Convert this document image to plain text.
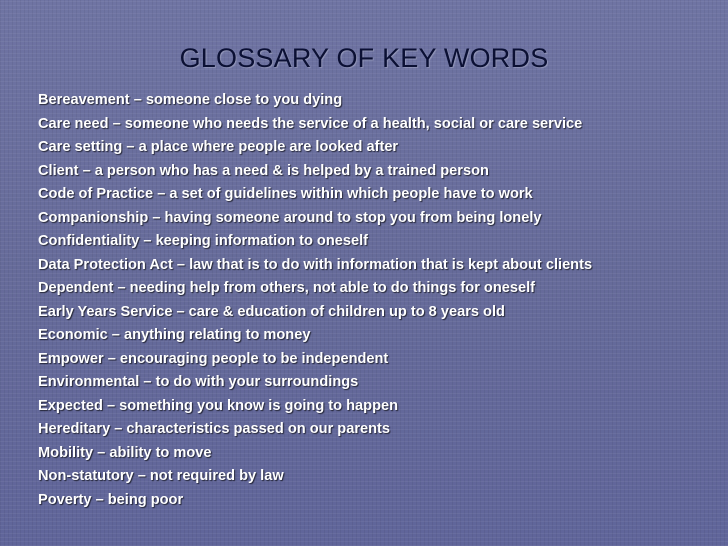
GLOSSARY OF KEY WORDS
Bereavement – someone close to you dying
Care need – someone who needs the service of a health, social or care service
Care setting – a place where people are looked after
Client – a person who has a need & is helped by a trained person
Code of Practice – a set of guidelines within which people have to work
Companionship – having someone around to stop you from being lonely
Confidentiality – keeping information to oneself
Data Protection Act – law that is to do with information that is kept about clients
Dependent – needing help from others, not able to do things for oneself
Early Years Service – care & education of children up to 8 years old
Economic – anything relating to money
Empower – encouraging people to be independent
Environmental – to do with your surroundings
Expected – something you know is going to happen
Hereditary – characteristics passed on our parents
Mobility – ability to move
Non-statutory – not required by law
Poverty – being poor
